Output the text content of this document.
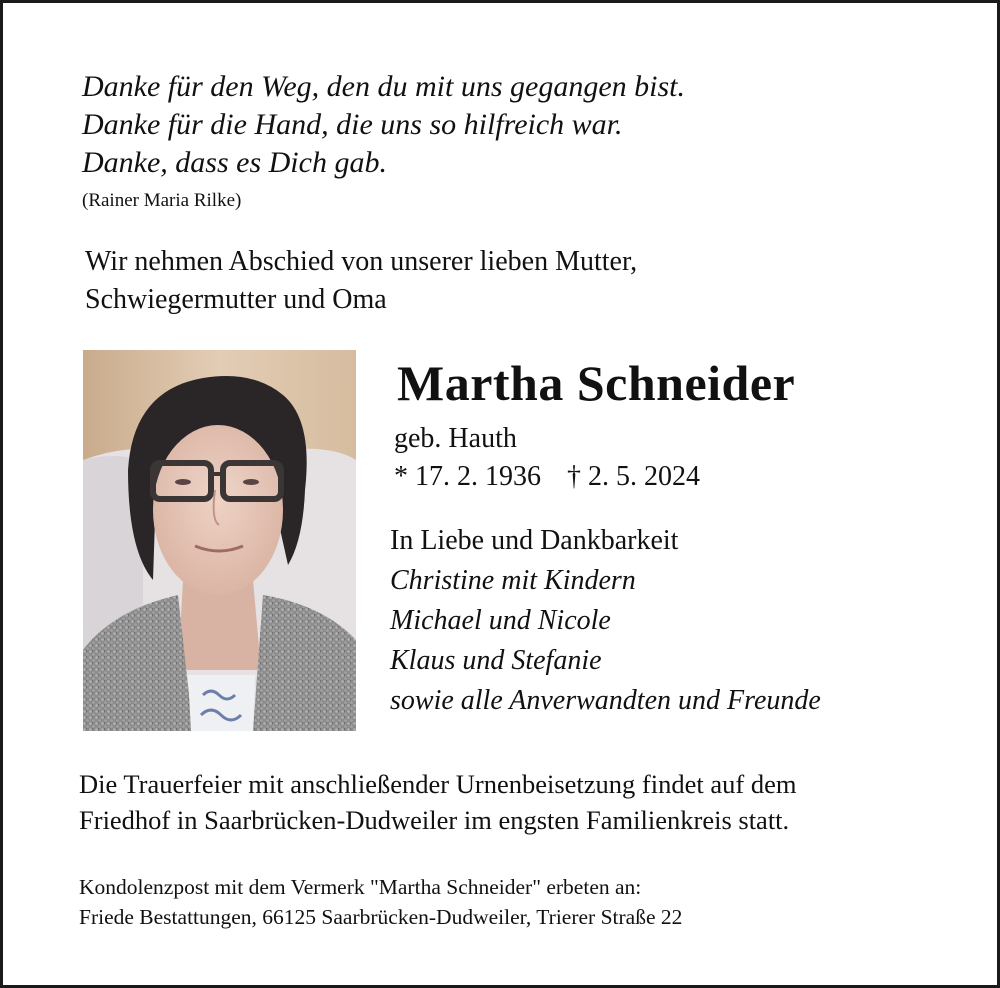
Danke für den Weg, den du mit uns gegangen bist.
Danke für die Hand, die uns so hilfreich war.
Danke, dass es Dich gab.
(Rainer Maria Rilke)
Wir nehmen Abschied von unserer lieben Mutter,
Schwiegermutter und Oma
Martha Schneider
geb. Hauth
* 17. 2. 1936 † 2. 5. 2024
In Liebe und Dankbarkeit
Christine mit Kindern
Michael und Nicole
Klaus und Stefanie
sowie alle Anverwandten und Freunde
Die Trauerfeier mit anschließender Urnenbeisetzung findet auf dem
Friedhof in Saarbrücken-Dudweiler im engsten Familienkreis statt.
Kondolenzpost mit dem Vermerk "Martha Schneider" erbeten an:
Friede Bestattungen, 66125 Saarbrücken-Dudweiler, Trierer Straße 22
